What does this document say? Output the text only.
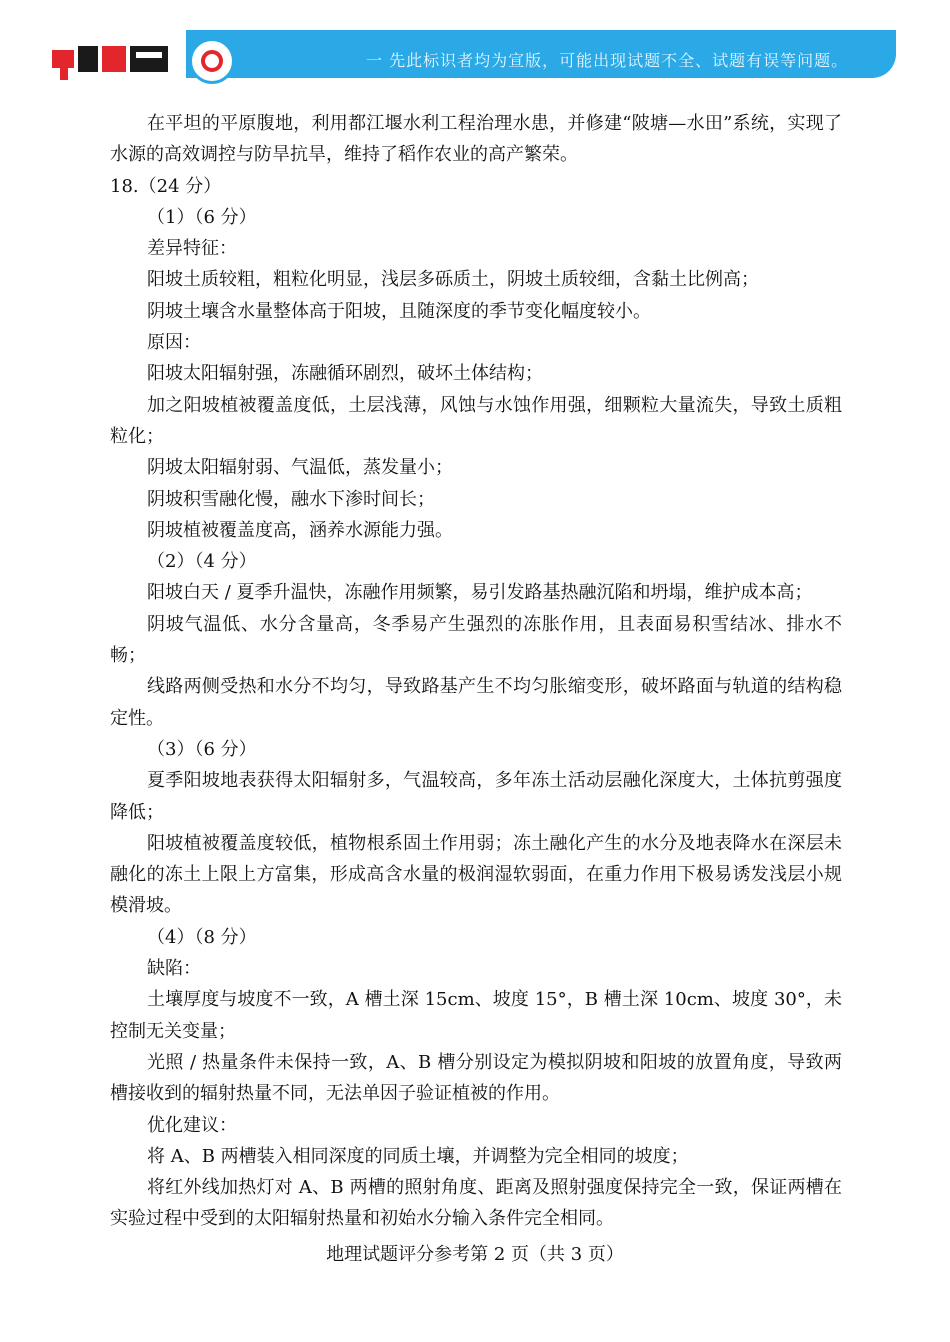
一 先此标识者均为宣版，可能出现试题不全、试题有误等问题。
在平坦的平原腹地，利用都江堰水利工程治理水患，并修建“陂塘—水田”系统，实现了水源的高效调控与防旱抗旱，维持了稻作农业的高产繁荣。
18.（24 分）
（1）（6 分）
差异特征：
阳坡土质较粗，粗粒化明显，浅层多砾质土，阴坡土质较细，含黏土比例高；
阴坡土壤含水量整体高于阳坡，且随深度的季节变化幅度较小。
原因：
阳坡太阳辐射强，冻融循环剧烈，破坏土体结构；
加之阳坡植被覆盖度低，土层浅薄，风蚀与水蚀作用强，细颗粒大量流失，导致土质粗粒化；
阴坡太阳辐射弱、气温低，蒸发量小；
阴坡积雪融化慢，融水下渗时间长；
阴坡植被覆盖度高，涵养水源能力强。
（2）（4 分）
阳坡白天 / 夏季升温快，冻融作用频繁，易引发路基热融沉陷和坍塌，维护成本高；
阴坡气温低、水分含量高，冬季易产生强烈的冻胀作用，且表面易积雪结冰、排水不畅；
线路两侧受热和水分不均匀，导致路基产生不均匀胀缩变形，破坏路面与轨道的结构稳定性。
（3）（6 分）
夏季阳坡地表获得太阳辐射多，气温较高，多年冻土活动层融化深度大，土体抗剪强度降低；
阳坡植被覆盖度较低，植物根系固土作用弱；冻土融化产生的水分及地表降水在深层未融化的冻土上限上方富集，形成高含水量的极润湿软弱面，在重力作用下极易诱发浅层小规模滑坡。
（4）（8 分）
缺陷：
土壤厚度与坡度不一致，A 槽土深 15cm、坡度 15°，B 槽土深 10cm、坡度 30°，未控制无关变量；
光照 / 热量条件未保持一致，A、B 槽分别设定为模拟阴坡和阳坡的放置角度，导致两槽接收到的辐射热量不同，无法单因子验证植被的作用。
优化建议：
将 A、B 两槽装入相同深度的同质土壤，并调整为完全相同的坡度；
将红外线加热灯对 A、B 两槽的照射角度、距离及照射强度保持完全一致，保证两槽在实验过程中受到的太阳辐射热量和初始水分输入条件完全相同。
地理试题评分参考第 2 页（共 3 页）
